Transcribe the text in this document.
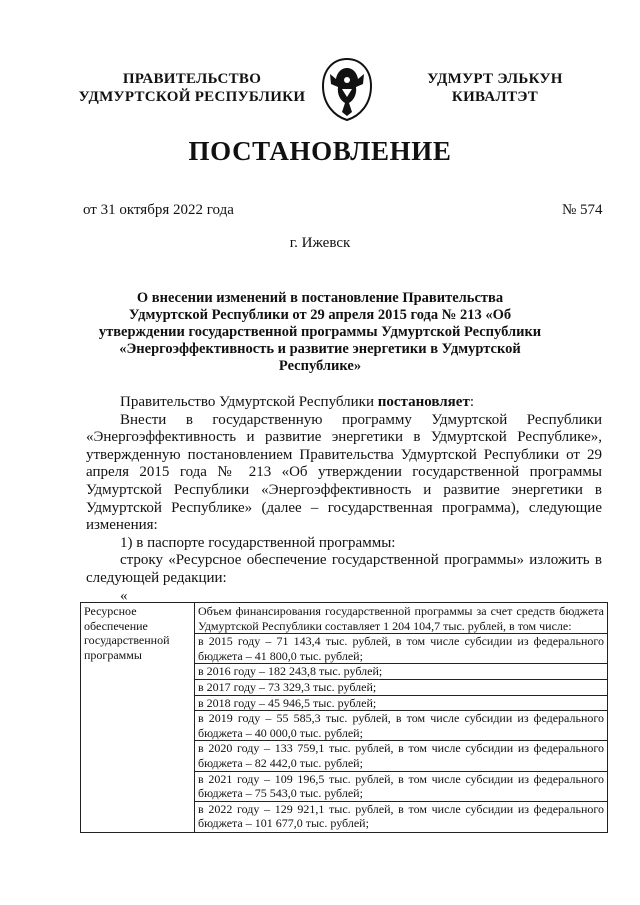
ПРАВИТЕЛЬСТВО
УДМУРТСКОЙ РЕСПУБЛИКИ
УДМУРТ ЭЛЬКУН
КИВАЛТЭТ
ПОСТАНОВЛЕНИЕ
от 31 октября 2022 года	№ 574
г. Ижевск
О внесении изменений в постановление Правительства
Удмуртской Республики от 29 апреля 2015 года № 213 «Об
утверждении государственной программы Удмуртской Республики
«Энергоэффективность и развитие энергетики в Удмуртской Республике»

Правительство Удмуртской Республики постановляет:

Внести в государственную программу Удмуртской Республики «Энергоэффективность и развитие энергетики в Удмуртской Республике», утвержденную постановлением Правительства Удмуртской Республики от 29 апреля 2015 года № 213 «Об утверждении государственной программы Удмуртской Республики «Энергоэффективность и развитие энергетики в Удмуртской Республике» (далее – государственная программа), следующие изменения:

1) в паспорте государственной программы:

строку «Ресурсное обеспечение государственной программы» изложить в следующей редакции:

«

Ресурсное обеспечение государственной программы	
Объем финансирования государственной программы за счет средств бюджета Удмуртской Республики составляет 1 204 104,7 тыс. рублей, в том числе:
в 2015 году – 71 143,4 тыс. рублей, в том числе субсидии из федерального бюджета – 41 800,0 тыс. рублей;
в 2016 году – 182 243,8 тыс. рублей;
в 2017 году – 73 329,3 тыс. рублей;
в 2018 году – 45 946,5 тыс. рублей;
в 2019 году – 55 585,3 тыс. рублей, в том числе субсидии из федерального бюджета – 40 000,0 тыс. рублей;
в 2020 году – 133 759,1 тыс. рублей, в том числе субсидии из федерального бюджета – 82 442,0 тыс. рублей;
в 2021 году – 109 196,5 тыс. рублей, в том числе субсидии из федерального бюджета – 75 543,0 тыс. рублей;
в 2022 году – 129 921,1 тыс. рублей, в том числе субсидии из федерального бюджета – 101 677,0 тыс. рублей;
